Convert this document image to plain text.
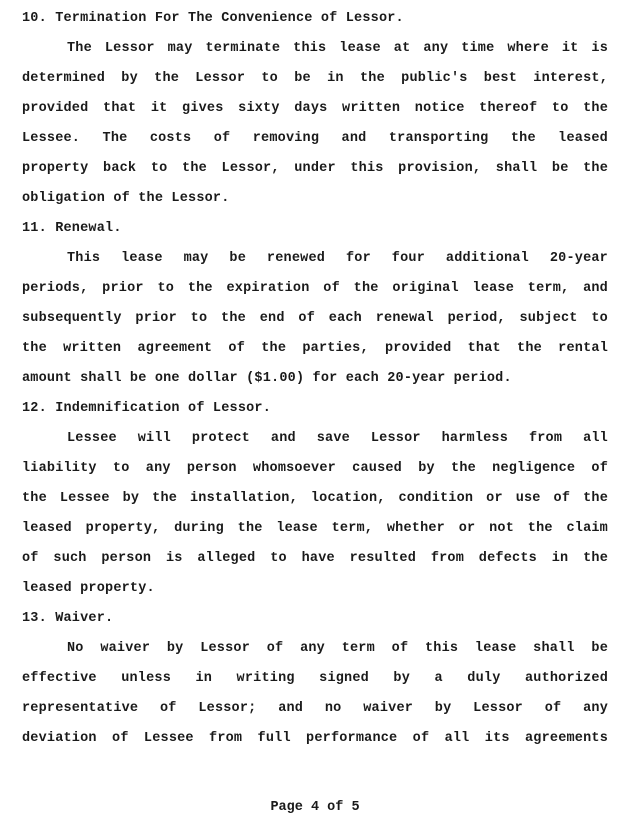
10. Termination For The Convenience of Lessor.
The Lessor may terminate this lease at any time where it is
determined by the Lessor to be in the public's best interest,
provided that it gives sixty days written notice thereof to the
Lessee. The costs of removing and transporting the leased
property back to the Lessor, under this provision, shall be the
obligation of the Lessor.
11. Renewal.
This lease may be renewed for four additional 20-year
periods, prior to the expiration of the original lease term, and
subsequently prior to the end of each renewal period, subject to
the written agreement of the parties, provided that the rental
amount shall be one dollar ($1.00) for each 20-year period.
12. Indemnification of Lessor.
Lessee will protect and save Lessor harmless from all
liability to any person whomsoever caused by the negligence of
the Lessee by the installation, location, condition or use of the
leased property, during the lease term, whether or not the claim
of such person is alleged to have resulted from defects in the
leased property.
13. Waiver.
No waiver by Lessor of any term of this lease shall be
effective unless in writing signed by a duly authorized
representative of Lessor; and no waiver by Lessor of any
deviation of Lessee from full performance of all its agreements
Page 4 of 5
